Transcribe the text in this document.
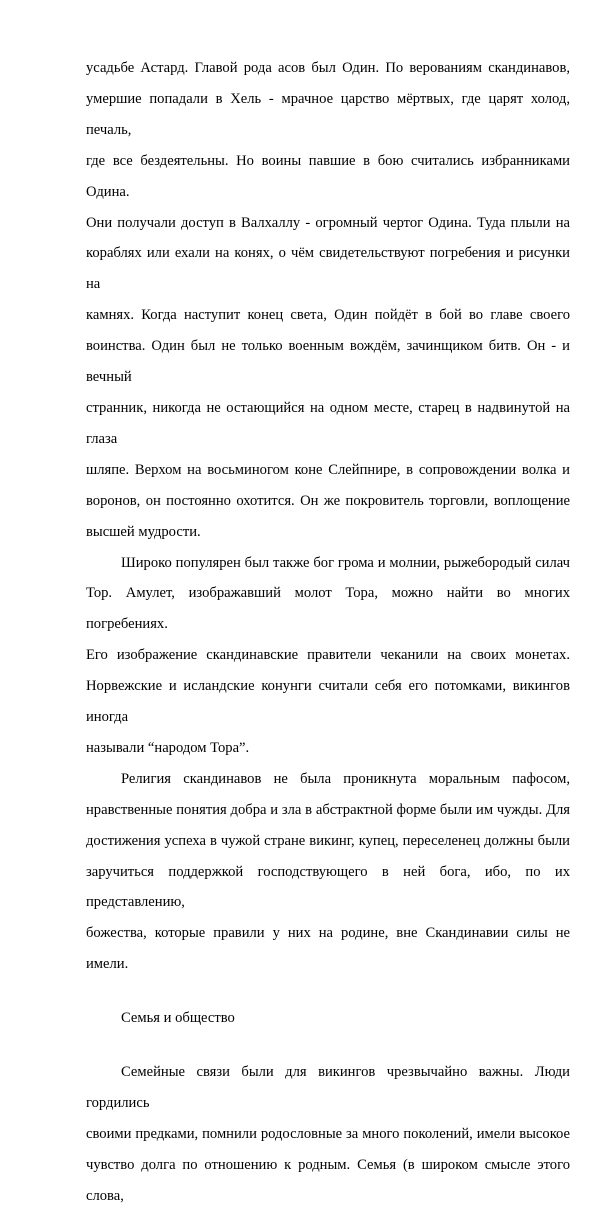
усадьбе Астард. Главой рода асов был Один. По верованиям скандинавов,

умершие попадали в Хель - мрачное царство мёртвых, где царят холод, печаль,

где все бездеятельны. Но воины павшие в бою считались избранниками Одина.

Они получали доступ в Валхаллу - огромный чертог Одина. Туда плыли на

кораблях или ехали на конях, о чём свидетельствуют погребения и рисунки на

камнях. Когда наступит конец света, Один пойдёт в бой во главе своего

воинства. Один был не только военным вождём, зачинщиком битв. Он - и вечный

странник, никогда не остающийся на одном месте, старец в надвинутой на глаза

шляпе. Верхом на восьминогом коне Слейпнире, в сопровождении волка и

воронов, он постоянно охотится. Он же покровитель торговли, воплощение

высшей мудрости.

Широко популярен был также бог грома и молнии, рыжебородый силач

Тор. Амулет, изображавший молот Тора, можно найти во многих погребениях.

Его изображение скандинавские правители чеканили на своих монетах.

Норвежские и исландские конунги считали себя его потомками, викингов иногда

называли “народом Тора”.

Религия скандинавов не была проникнута моральным пафосом,

нравственные понятия добра и зла в абстрактной форме были им чужды. Для

достижения успеха в чужой стране викинг, купец, переселенец должны были

заручиться поддержкой господствующего в ней бога, ибо, по их представлению,

божества, которые правили у них на родине, вне Скандинавии силы не имели.

Семья и общество

Семейные связи были для викингов чрезвычайно важны. Люди гордились

своими предками, помнили родословные за много поколений, имели высокое

чувство долга по отношению к родным. Семья (в широком смысле этого слова,
